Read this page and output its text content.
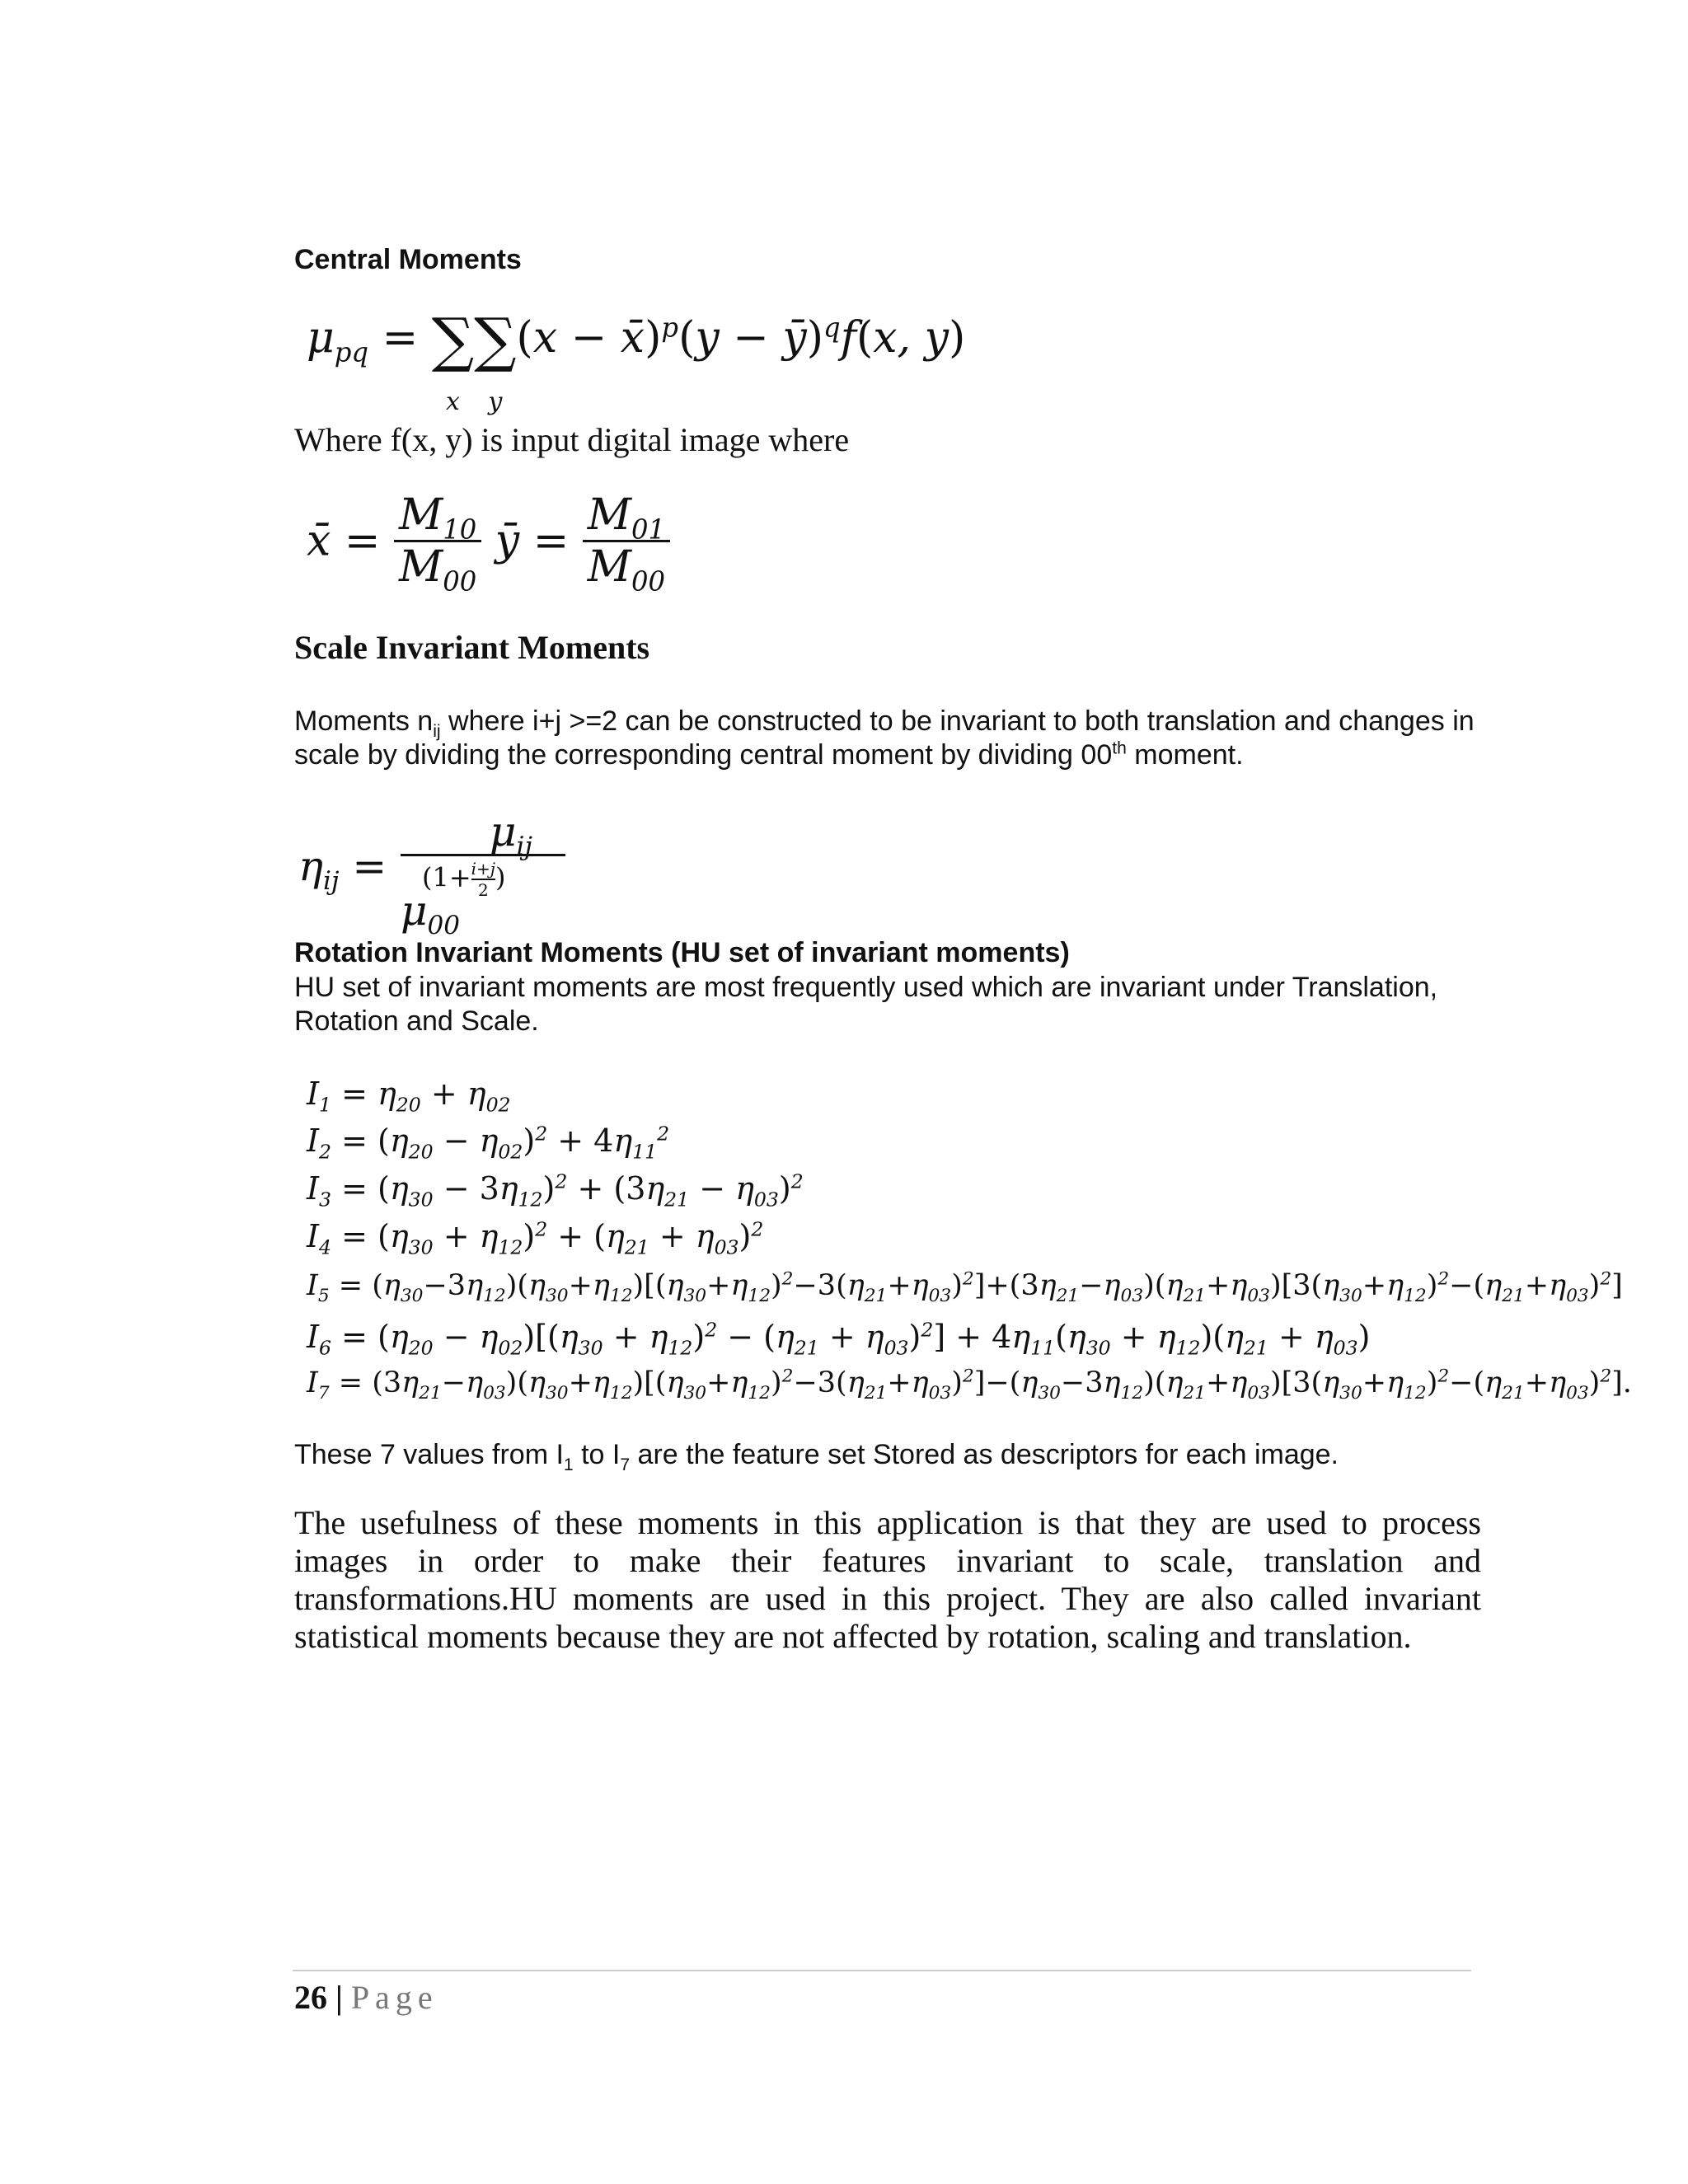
Central Moments
$\mu_{pq}$ = ∑
x∑
y(x − x̄)$^p$(y − ȳ)$^q$f(x, y)
Where f(x, y) is input digital image where
x̄ = $\frac{M_{10}}{M_{00}}$ ȳ = $\frac{M_{01}}{M_{00}}$
Scale Invariant Moments
Moments $n_{ij}$ where i+j >=2 can be constructed to be invariant to both translation and changes in scale by dividing the corresponding central moment by dividing 00th moment.
$\eta_{ij}$ =
$\mu_{ij}$
($1+ \frac{i+j}{2}$ )
$\mu_{00}$
Rotation Invariant Moments (HU set of invariant moments)
HU set of invariant moments are most frequently used which are invariant under Translation, Rotation and Scale.
$I_1 = \eta_{20} + \eta_{02}$
$I_2 = (\eta_{20} - \eta_{02})^2 + 4\eta_{11}^2$
$I_3 = (\eta_{30} - 3\eta_{12})^2 + (3\eta_{21} - \eta_{03})^2$
$I_4 = (\eta_{30} + \eta_{12})^2 + (\eta_{21} + \eta_{03})^2$
$I_5 = (\eta_{30}-3\eta_{12})(\eta_{30}+\eta_{12})[(\eta_{30}+\eta_{12})^2-3(\eta_{21}+\eta_{03})^2]+(3\eta_{21}-\eta_{03})(\eta_{21}+\eta_{03})[3(\eta_{30}+\eta_{12})^2-(\eta_{21}+\eta_{03})^2]$
$I_6 = (\eta_{20} - \eta_{02})[(\eta_{30} + \eta_{12})^2 - (\eta_{21} + \eta_{03})^2] + 4\eta_{11}(\eta_{30} + \eta_{12})(\eta_{21} + \eta_{03})$
$I_7 = (3\eta_{21}-\eta_{03})(\eta_{30}+\eta_{12})[(\eta_{30}+\eta_{12})^2-3(\eta_{21}+\eta_{03})^2]-(\eta_{30}-3\eta_{12})(\eta_{21}+\eta_{03})[3(\eta_{30}+\eta_{12})^2-(\eta_{21}+\eta_{03})^2]$.
These 7 values from $I_1$ to $I_7$ are the feature set Stored as descriptors for each image.
The usefulness of these moments in this application is that they are used to process images in order to make their features invariant to scale, translation and transformations.HU moments are used in this project. They are also called invariant statistical moments because they are not affected by rotation, scaling and translation.
26 | Page
